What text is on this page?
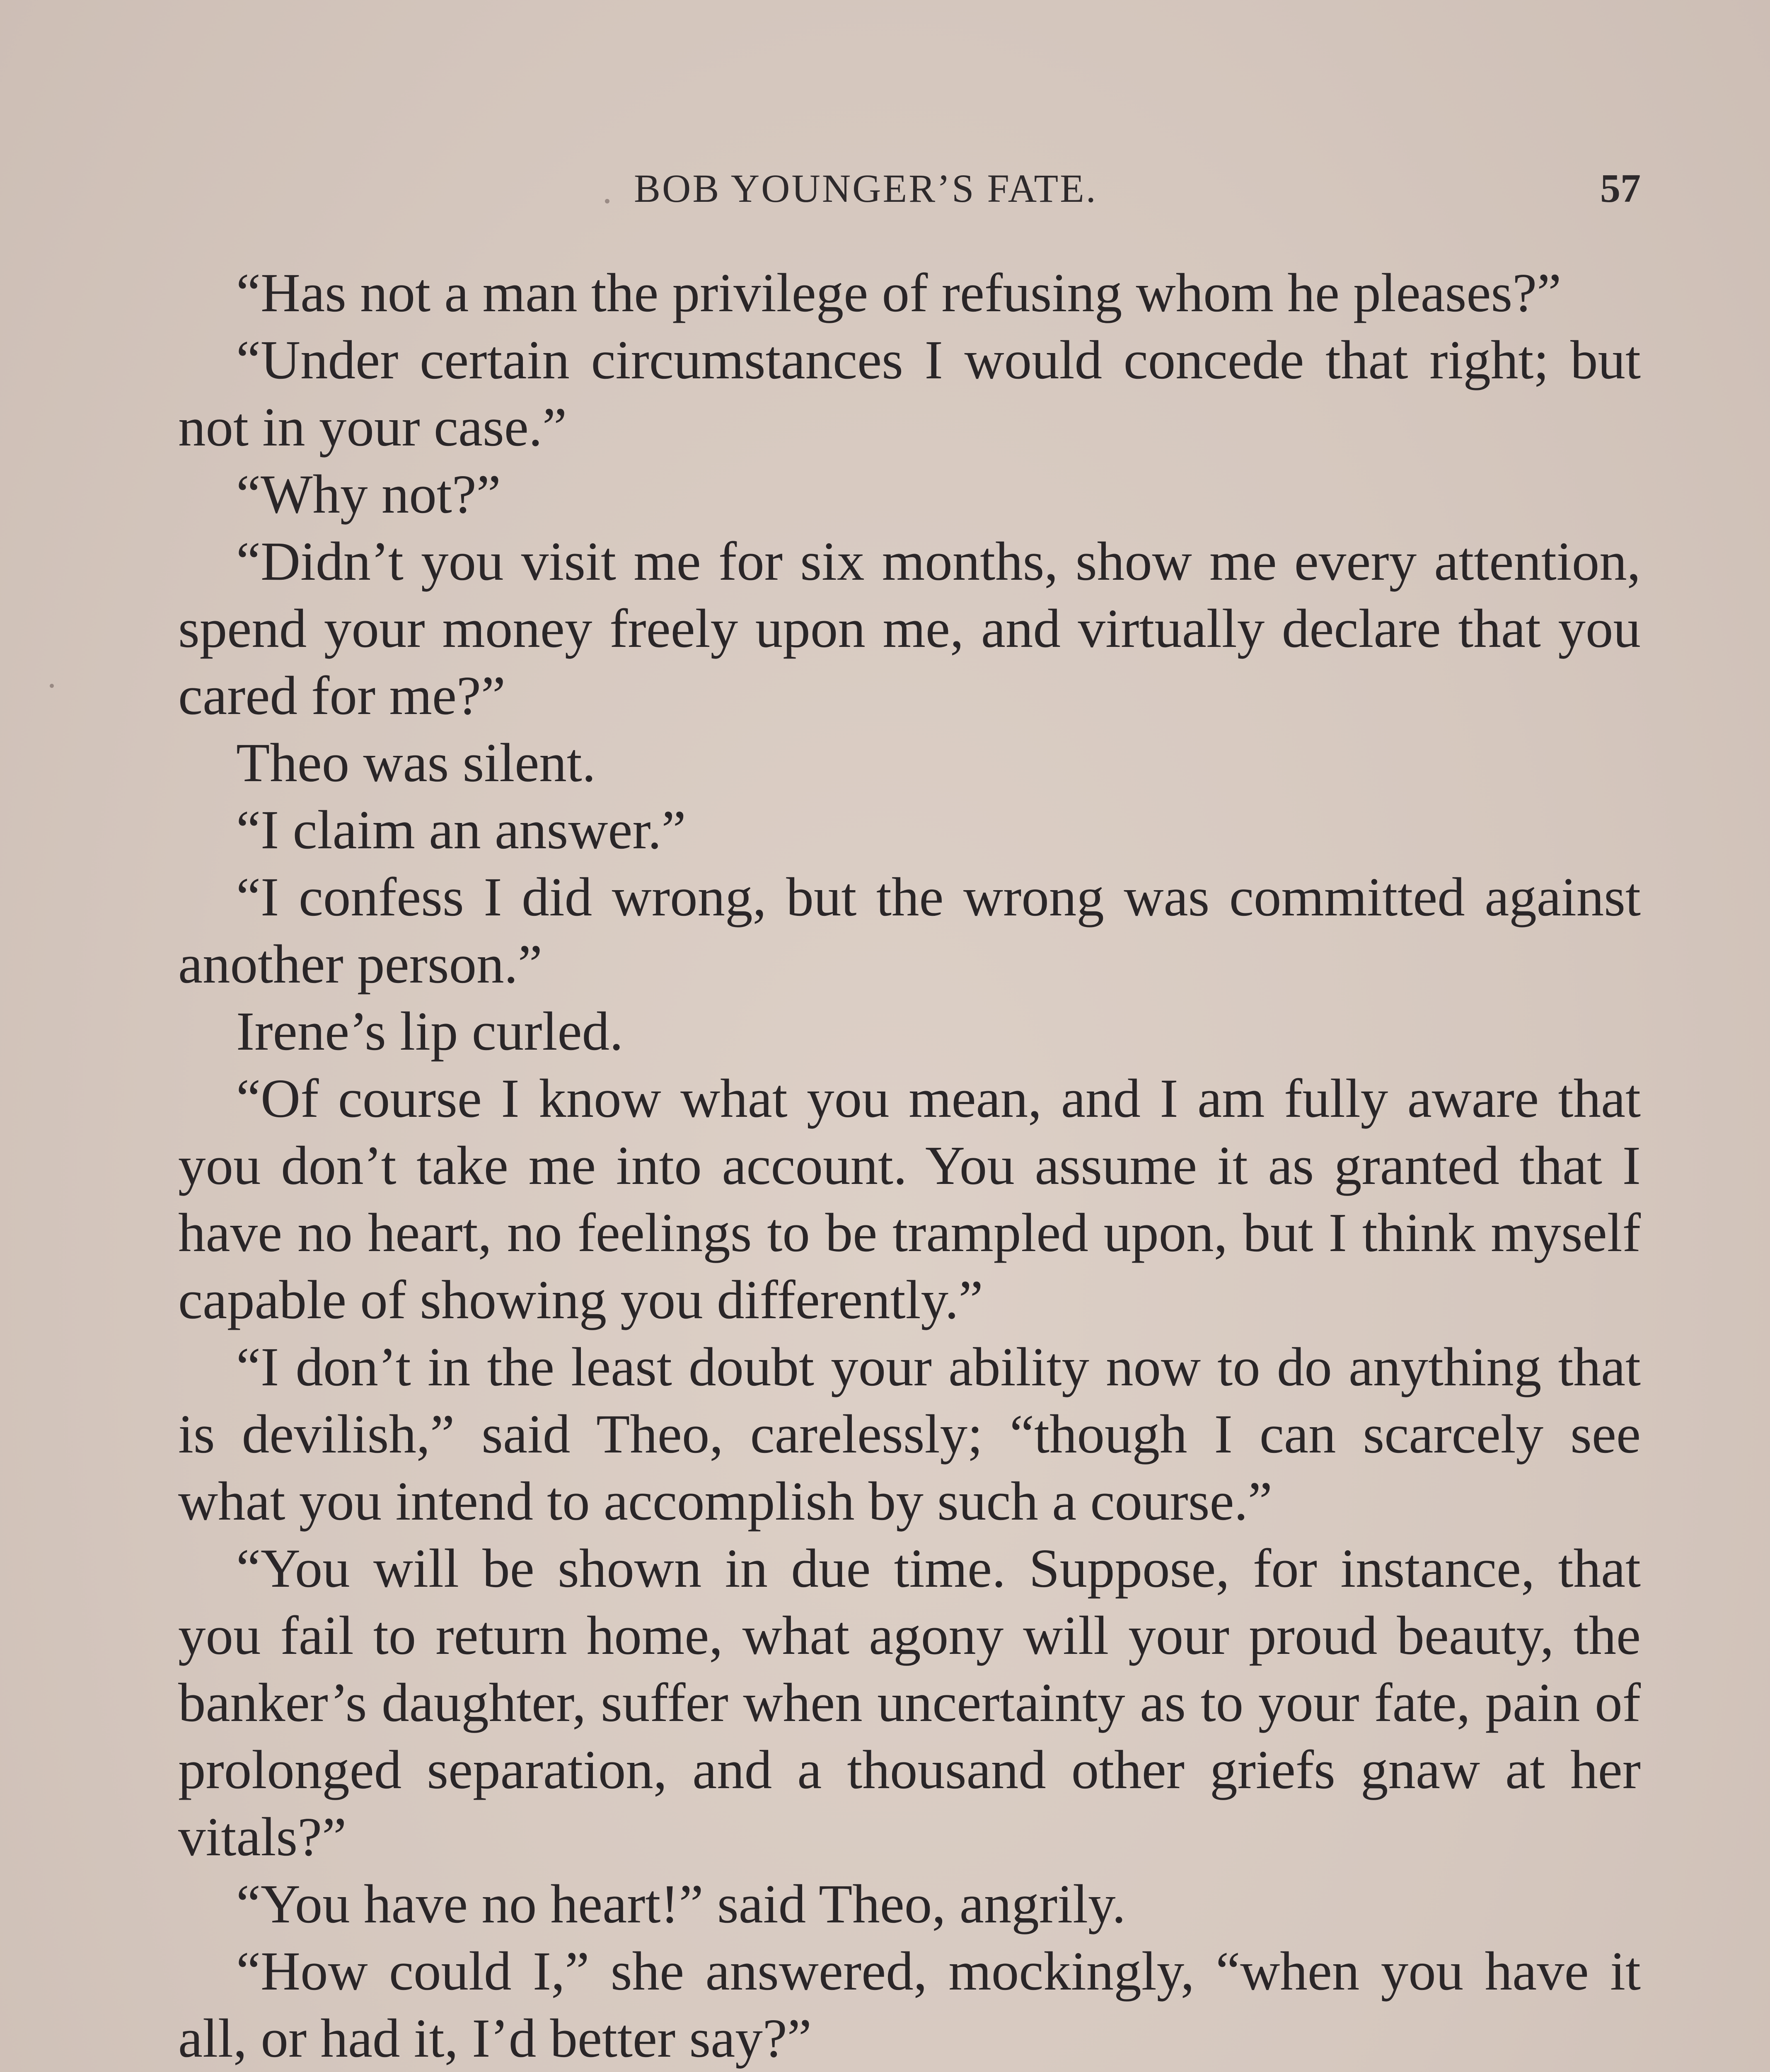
BOB YOUNGER’S FATE.	57

“Has not a man the privilege of refusing whom he pleases?”

“Under certain circumstances I would concede that right; but not in your case.”

“Why not?”

“Didn’t you visit me for six months, show me every attention, spend your money freely upon me, and virtually declare that you cared for me?”

Theo was silent.

“I claim an answer.”

“I confess I did wrong, but the wrong was committed against another person.”

Irene’s lip curled.

“Of course I know what you mean, and I am fully aware that you don’t take me into account. You assume it as granted that I have no heart, no feelings to be trampled upon, but I think myself capable of showing you differently.”

“I don’t in the least doubt your ability now to do anything that is devilish,” said Theo, carelessly; “though I can scarcely see what you intend to accomplish by such a course.”

“You will be shown in due time. Suppose, for instance, that you fail to return home, what agony will your proud beauty, the banker’s daughter, suffer when uncertainty as to your fate, pain of prolonged separation, and a thousand other griefs gnaw at her vitals?”

“You have no heart!” said Theo, angrily.

“How could I,” she answered, mockingly, “when you have it all, or had it, I’d better say?”
